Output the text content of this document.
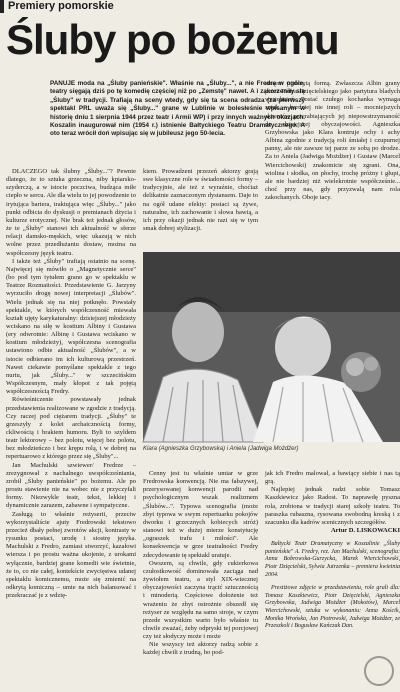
Premiery pomorskie
Śluby po bożemu
PANUJE moda na „Śluby panieńskie". Właśnie na „Śluby...", a nie Fredrę w ogóle, teatry sięgają dziś po tę komedię częściej niż po „Zemstę" nawet. A i zakorzeniły się „Śluby" w tradycji. Trafiają na sceny wtedy, gdy się ta scena odradza (za pierwszy spektakl PRL uważa się „Śluby..." grane w Lublinie w bolesłeśnie wpisanym w historię dniu 1 sierpnia 1944 przez teatr i Armii WP) i przy innych ważnych okazjach. Koszalin inaugurował nim (1954 r.) istnienie Bałtyckiego Teatru Dramatycznego. A oto teraz wrócił doń wpisując się w jubileusz jego 50-lecia.

DLACZEGO tak ślubny „Śluby..."? Pewnie dlatego, że to sztuka grzeczna, niby kpiarsko-szyderczą, a w istocie poczciwa, budząca miłe ciepło w sercu. Ale dla wielu to jej powodzenie to irytująca bariera, traktująca więc „Śluby..." jako punkt odbicia do dyskusji o premianach dżycia i kulturze erotycznej. Nie brak też jednak głosów, że te „Śluby" stanowi ich aktualność w sferze relacji damsko-męskich, więc ukazują w nich wolne przez przedłużaniu dostaw, można na współczesny język teatru.

I także też „Śluby" trafiają ostatnio na scenę. Najwięcej się mówiło o „Magnetycznie serce" (bo pod tym tytułem grano go w spektaklu w Teatrze Rozmaitości. Przedstawienie G. Jarzyny wyrzuciło drogę nowej interpretacji „Ślubów". Wielu jednak się na niej potknęło. Powstały spektakle, w których współczesność miewała kształt ujęty karykaturalny: dzisiejszej młodzieży wciskano na siłę w kostium Albiny i Gustawa (ery odwrotnie: Albinę i Gustawa wciskano w kostium młodzieży), współczesna scenografia ustawiono odbie aktualność „Ślubów", a w istocie odbierano im ich kulturową przestrzeń. Nawet ciekawie pomyślane spektakle z tego nurtu, jak „Śluby..." w szczecińskim Współczesnym, mały kłopot z tak pojętą współczesnością Fredry.

Rówieśniczenie powstawały jednak przedstawienia realizowane w zgodzie z tradycją. Czy raczej pod ciężarem tradycji. „Śluby" te grzeszyły z kolei archaicznością formy, ckliwością i brakiem humoru. Byli to szyldem teatr lektorowy – bez polotu, więcej bez polotu, bez młodzieńczo i bez krępu rolą, i w dobrej na repertuarowo z którego przez się „Śluby"...

Jan Machulski szwiewer/ Fredrze – zrezygnował z nachalnego uwspółcześniania, zrobił „Śluby panieńskie" po bożemu. Ale po prostu stawienie nie na wobec nie z przyczyfali formy. Niezwykle teatr, tekst, lekkiej i dynamicznie zarazem, zabawne i sympatyczne.

Zasługą to właśnie reżyserii, przeciw wykorzystaliście ajuty Fredrowski tekstowo przecież dbały pełnej zwrotów akcji, kontrasty w rysunku postaci, urodę i siostrę języka. Machulski z Fredro, zamiast stworzyć, kazałowi wiersza i po prostu ważna ukojenie, z urokami wyłącznie, bardziej grane komedii wie świetnie, że to, co nie całej, kontekście zwycięstwa udanej spektaklu komicznemu, może się zmienić na odkrytą komiczną – umie na nich balansować i przekraczać je z wdzię-

kiem. Prowadzeni przezeń aktorzy grają swe klasyczne role w świadomości formy – tradycyjnie, ale też z wyraźnie, choćiaż delikatnie zaznaczonym dystansem. Daje to na ogół udane efekty: postaci są żywe, naturalne, ich zachowanie i słowa bawią, a ich przy okazji jednak nie razi się w tym smak dobrej stylizacji.

stosem podszytą formą. Zwłaszcza Albin grany przez Piotra Dzięcielskiego jako partytura bladych westchnień. Postać czułego kochanka wymaga sztuk – bardziej nie innej roli – mocniejszych akcentów przerabiających jej niepowstrzymaność do dzisiejszej obyczajowości. Agnieszka Grzybowska jako Klara kontruje ochy i achy Albina zgodnie z tradycją roli śmiałej i czupurnej panny, ale nie zawsze tej parze ze sobą po drodze. Za to Aniela (Jadwiga Możdżer) i Gustaw (Marcel Wiercichowski) znakomicie się zgrani. Ona, wiolina i słodka, on płochy, trochę próżny i głupi, ale nie bardziej niż wielekrotnie współcześnie... choć przy nas, gdy przyzwalą nam rola zakochanych. Oboje tacy.

Klara (Agnieszka Grzybowska) i Aniela (Jadwiga Możdżer)

Cenny jest tu właśnie umiar w grze Fredrowska konwencją. Nie ma fałszywej, przerysowanej konwencji parodii nad psychologicznym wszak realizmem „Ślubów...". Typowa scenografia (może zbyt typowa w swym repertuarku pokojów dworku i grzecznych kobiecych stróż) stanowi też w dużej mierze konstytucję „ograszek trafu i miłości". Ale konsekwencja w grze teatralności Fredry zdecydowanie tę spektakl uratuje.

Owszem, są chwile, gdy cukierkowa czułostkowość dominowała zaciąga nad żywiołem teatru, a styl XIX-wiecznej obyczajowości zaczyna trącić sztucznością i minoderią. Częściowe dołożenie też wrażeniu że zbyt ostrożnie obszedł się reżyser ze względu na samo stroje, w czym przede wszystkim warto było właśnie tu chwile zważać, żeby odpryski tej porcjowej czy też słodyczy może i może

Nie wszyscy też aktorzy radzą sobie z każdej chwili z trudną, bo pod-

jak ich Fredro malował, a bawiący siebie i nas tą grą.

Najlepiej jednak radzi sobie Tomasz Kaszkiewicz jako Radost. To naprawdę pyszna rola, zrobiona w tradycji starej szkoły teatru. To paraszka rubaszna, rysowana swobodną kreską i z szacunku dla kadrów scenicznych szczegółów.

Artur D. LISKOWACKI

Bałtycki Teatr Dramatyczny w Koszalinie „Śluby panieńskie" A. Fredry, rez. Jan Machulski, scenografia: Anna Bobrowska-Gurzycka, Marek Wiercichowski, Piotr Dzięcielski, Sylwia Jutrzenka – premiera kwietnia 2004.

Prestiżowe zdjęcie w przedstawieniu, role grali dla: Tomasz Kaszkiewicz, Piotr Dzięcielski, Agnieszka Grzybowska, Jadwiga Możdżer (Mokotów), Marcel Wiercichowski, sztuka w wykonaniu: Anna Kościk, Monika Wrońska, Jan Piotrowski, Jadwiga Możdżer, ze Przeszkoli i Bogusław Kańczak Dan.
